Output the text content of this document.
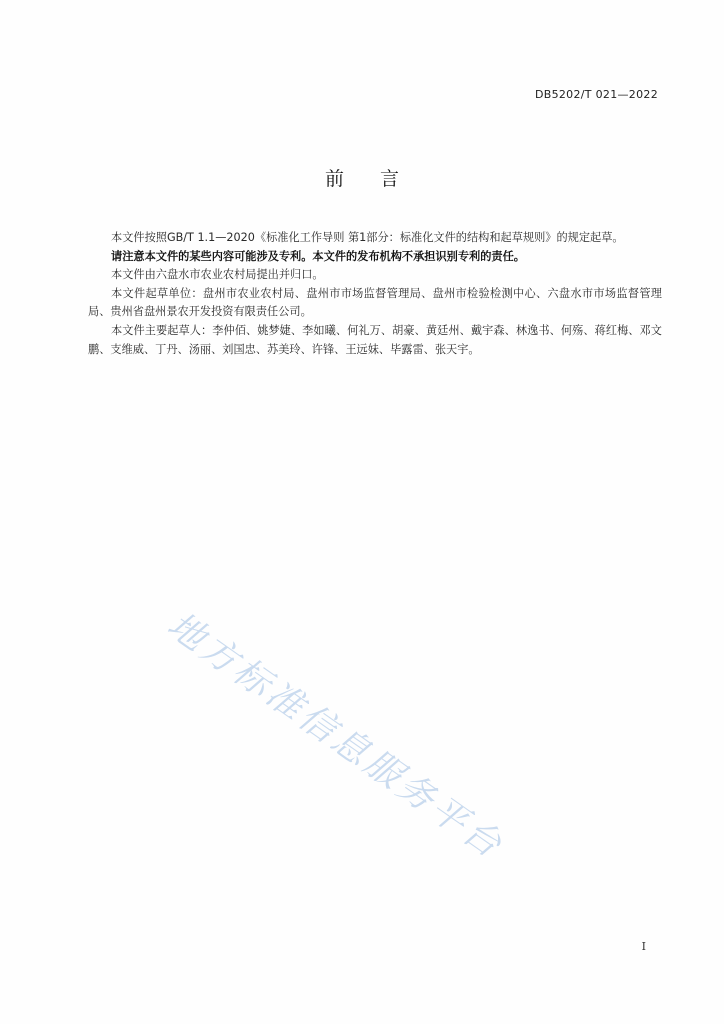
DB5202/T 021—2022
前言

本文件按照GB/T 1.1—2020《标准化工作导则 第1部分：标准化文件的结构和起草规则》的规定起草。

请注意本文件的某些内容可能涉及专利。本文件的发布机构不承担识别专利的责任。

本文件由六盘水市农业农村局提出并归口。

本文件起草单位：盘州市农业农村局、盘州市市场监督管理局、盘州市检验检测中心、六盘水市市场监督管理局、贵州省盘州景农开发投资有限责任公司。

本文件主要起草人：李仲佰、姚梦婕、李如曦、何礼万、胡豪、黄廷州、戴宇森、林逸书、何殇、蒋红梅、邓文鹏、支维威、丁丹、汤丽、刘国忠、苏美玲、许锋、王远妹、毕露雷、张天宇。

地方标准信息服务平台
I
